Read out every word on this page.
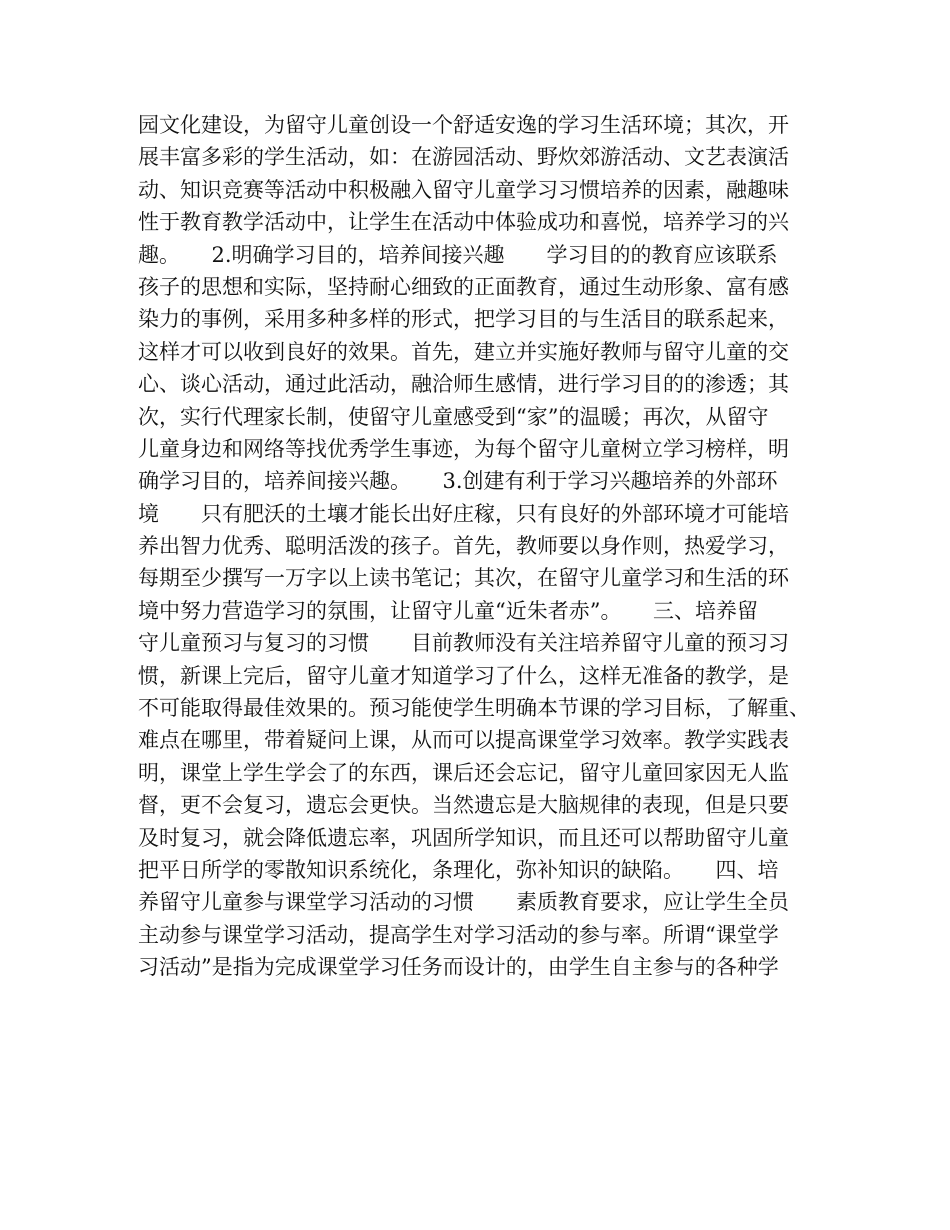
园文化建设，为留守儿童创设一个舒适安逸的学习生活环境；其次，开
展丰富多彩的学生活动，如：在游园活动、野炊郊游活动、文艺表演活
动、知识竞赛等活动中积极融入留守儿童学习习惯培养的因素，融趣味
性于教育教学活动中，让学生在活动中体验成功和喜悦，培养学习的兴
趣。　　2.明确学习目的，培养间接兴趣　　学习目的的教育应该联系
孩子的思想和实际，坚持耐心细致的正面教育，通过生动形象、富有感
染力的事例，采用多种多样的形式，把学习目的与生活目的联系起来，
这样才可以收到良好的效果。首先，建立并实施好教师与留守儿童的交
心、谈心活动，通过此活动，融洽师生感情，进行学习目的的渗透；其
次，实行代理家长制，使留守儿童感受到“家”的温暖；再次，从留守
儿童身边和网络等找优秀学生事迹，为每个留守儿童树立学习榜样，明
确学习目的，培养间接兴趣。　　3.创建有利于学习兴趣培养的外部环
境　　只有肥沃的土壤才能长出好庄稼，只有良好的外部环境才可能培
养出智力优秀、聪明活泼的孩子。首先，教师要以身作则，热爱学习，
每期至少撰写一万字以上读书笔记；其次，在留守儿童学习和生活的环
境中努力营造学习的氛围，让留守儿童“近朱者赤”。　　三、培养留
守儿童预习与复习的习惯　　目前教师没有关注培养留守儿童的预习习
惯，新课上完后，留守儿童才知道学习了什么，这样无准备的教学，是
不可能取得最佳效果的。预习能使学生明确本节课的学习目标，了解重、
难点在哪里，带着疑问上课，从而可以提高课堂学习效率。教学实践表
明，课堂上学生学会了的东西，课后还会忘记，留守儿童回家因无人监
督，更不会复习，遗忘会更快。当然遗忘是大脑规律的表现，但是只要
及时复习，就会降低遗忘率，巩固所学知识，而且还可以帮助留守儿童
把平日所学的零散知识系统化，条理化，弥补知识的缺陷。　　四、培
养留守儿童参与课堂学习活动的习惯　　素质教育要求，应让学生全员
主动参与课堂学习活动，提高学生对学习活动的参与率。所谓“课堂学
习活动”是指为完成课堂学习任务而设计的，由学生自主参与的各种学
